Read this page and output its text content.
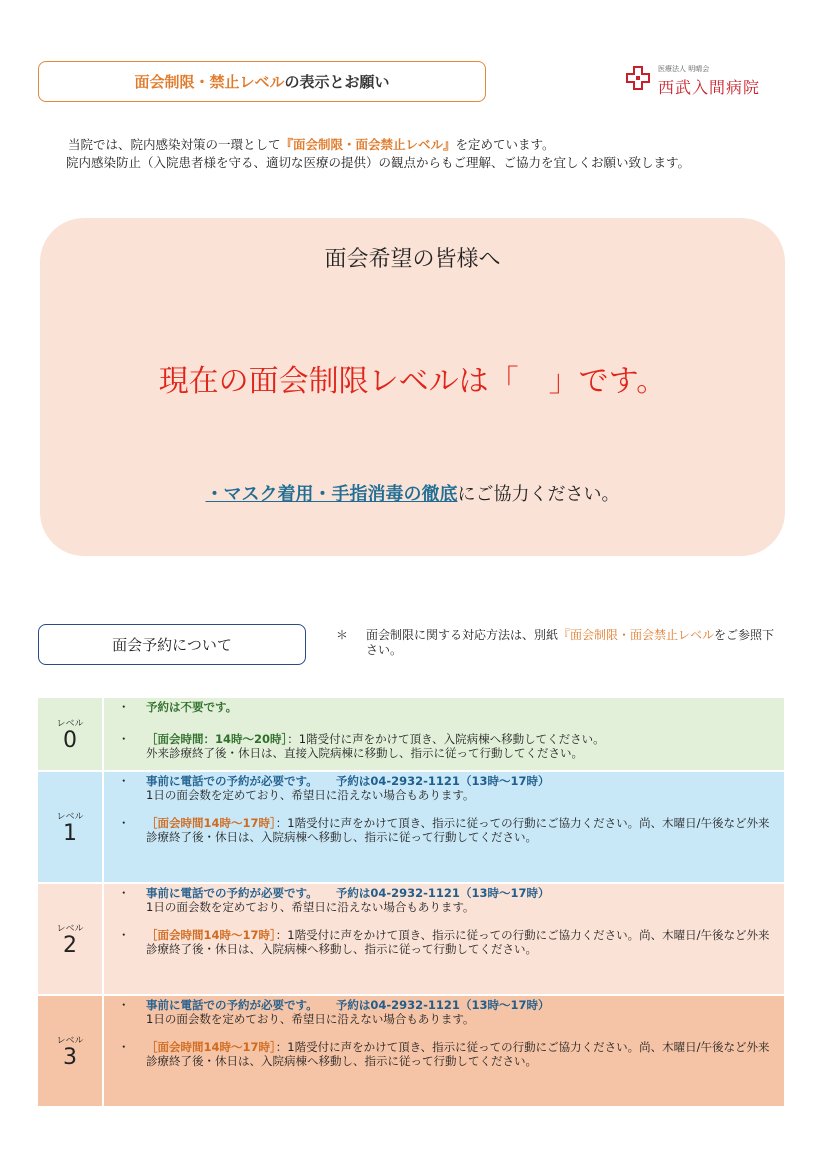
面会制限・禁止レベル の表示とお願い
医療法人 明晴会
西武入間病院
当院では、院内感染対策の一環として『面会制限・面会禁止レベル』を定めています。
院内感染防止（入院患者様を守る、適切な医療の提供）の観点からもご理解、ご協力を宜しくお願い致します。
面会希望の皆様へ
現在の面会制限レベルは「　」です。
・マスク着用・手指消毒の徹底にご協力ください。
面会予約について
＊ 面会制限に関する対応方法は、別紙『面会制限・面会禁止レベルをご参照下さい。
レベル
0
・ 予約は不要です。
・ ［面会時間：14時～20時］：1階受付に声をかけて頂き、入院病棟へ移動してください。
外来診療終了後・休日は、直接入院病棟に移動し、指示に従って行動してください。
レベル
1
・ 事前に電話での予約が必要です。 予約は04-2932-1121（13時～17時）
1日の面会数を定めており、希望日に沿えない場合もあります。
・ ［面会時間14時～17時］：1階受付に声をかけて頂き、指示に従っての行動にご協力ください。尚、木曜日/午後など外来診療終了後・休日は、入院病棟へ移動し、指示に従って行動してください。
レベル
2
・ 事前に電話での予約が必要です。 予約は04-2932-1121（13時～17時）
1日の面会数を定めており、希望日に沿えない場合もあります。
・ ［面会時間14時～17時］：1階受付に声をかけて頂き、指示に従っての行動にご協力ください。尚、木曜日/午後など外来診療終了後・休日は、入院病棟へ移動し、指示に従って行動してください。
レベル
3
・ 事前に電話での予約が必要です。 予約は04-2932-1121（13時～17時）
1日の面会数を定めており、希望日に沿えない場合もあります。
・ ［面会時間14時～17時］：1階受付に声をかけて頂き、指示に従っての行動にご協力ください。尚、木曜日/午後など外来診療終了後・休日は、入院病棟へ移動し、指示に従って行動してください。
